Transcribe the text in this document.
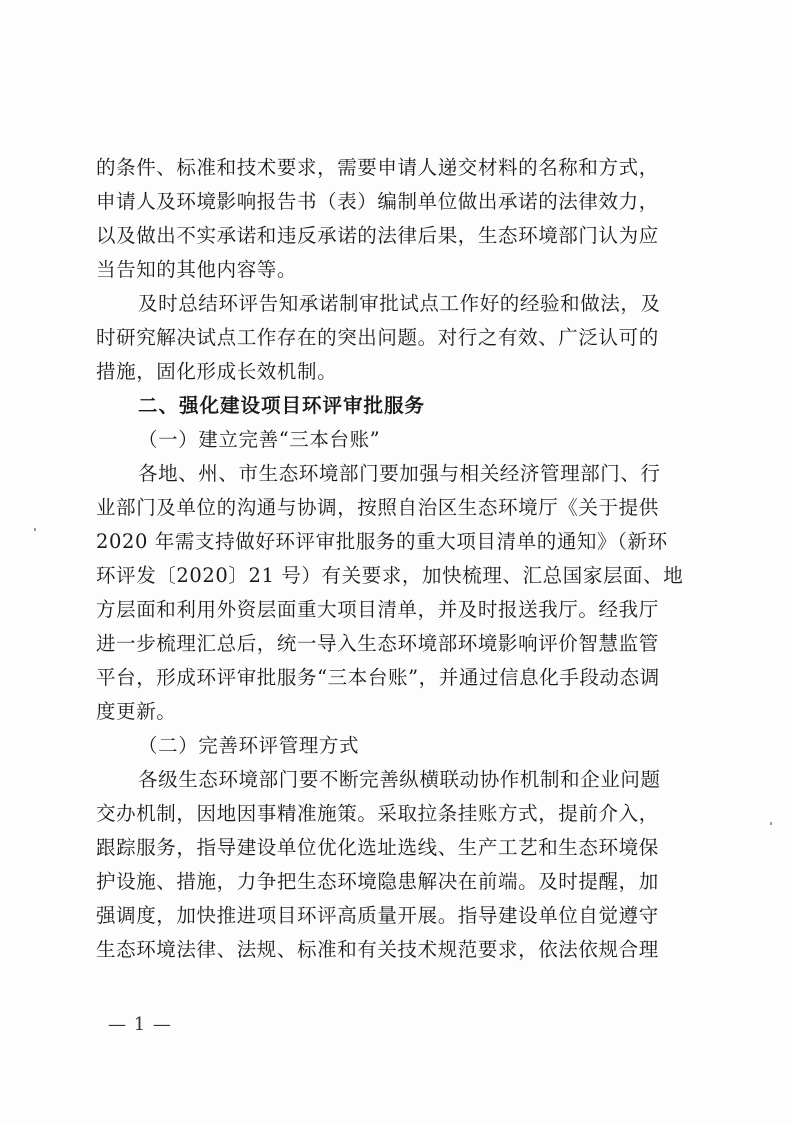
的条件、标准和技术要求，需要申请人递交材料的名称和方式，
申请人及环境影响报告书（表）编制单位做出承诺的法律效力，
以及做出不实承诺和违反承诺的法律后果，生态环境部门认为应
当告知的其他内容等。
及时总结环评告知承诺制审批试点工作好的经验和做法，及
时研究解决试点工作存在的突出问题。对行之有效、广泛认可的
措施，固化形成长效机制。
二、强化建设项目环评审批服务
（一）建立完善“三本台账”
各地、州、市生态环境部门要加强与相关经济管理部门、行
业部门及单位的沟通与协调，按照自治区生态环境厅《关于提供
2020 年需支持做好环评审批服务的重大项目清单的通知》（新环
环评发〔2020〕21 号）有关要求，加快梳理、汇总国家层面、地
方层面和利用外资层面重大项目清单，并及时报送我厅。经我厅
进一步梳理汇总后，统一导入生态环境部环境影响评价智慧监管
平台，形成环评审批服务“三本台账”，并通过信息化手段动态调
度更新。
（二）完善环评管理方式
各级生态环境部门要不断完善纵横联动协作机制和企业问题
交办机制，因地因事精准施策。采取拉条挂账方式，提前介入，
跟踪服务，指导建设单位优化选址选线、生产工艺和生态环境保
护设施、措施，力争把生态环境隐患解决在前端。及时提醒，加
强调度，加快推进项目环评高质量开展。指导建设单位自觉遵守
生态环境法律、法规、标准和有关技术规范要求，依法依规合理
— 1 —
